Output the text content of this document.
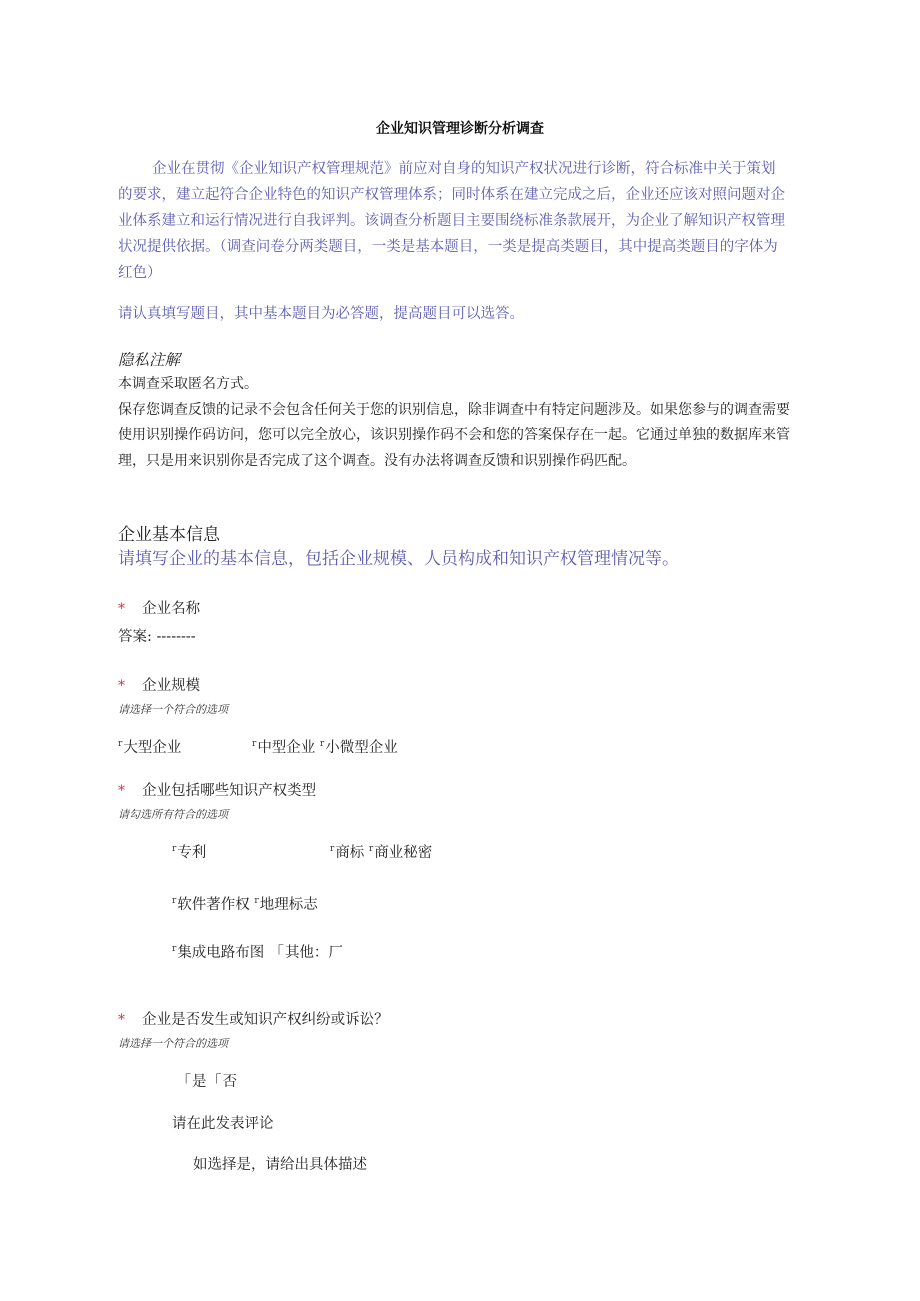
企业知识管理诊断分析调查
企业在贯彻《企业知识产权管理规范》前应对自身的知识产权状况进行诊断，符合标准中关于策划的要求，建立起符合企业特色的知识产权管理体系；同时体系在建立完成之后，企业还应该对照问题对企业体系建立和运行情况进行自我评判。该调查分析题目主要围绕标准条款展开，为企业了解知识产权管理状况提供依据。（调查问卷分两类题目，一类是基本题目，一类是提高类题目，其中提高类题目的字体为红色）
请认真填写题目，其中基本题目为必答题，提高题目可以选答。
隐私注解
本调查采取匿名方式。
保存您调查反馈的记录不会包含任何关于您的识别信息，除非调查中有特定问题涉及。如果您参与的调查需要使用识别操作码访问，您可以完全放心，该识别操作码不会和您的答案保存在一起。它通过单独的数据库来管理，只是用来识别你是否完成了这个调查。没有办法将调查反馈和识别操作码匹配。
企业基本信息
请填写企业的基本信息，包括企业规模、人员构成和知识产权管理情况等。
* 企业名称
答案: --------
* 企业规模
请选择一个符合的选项
$^r$大型企业	$^r$中型企业 $^r$小微型企业
* 企业包括哪些知识产权类型
请勾选所有符合的选项
$^r$专利	$^r$商标 $^r$商业秘密
$^r$软件著作权 $^r$地理标志
$^r$集成电路布图 「其他：厂
* 企业是否发生或知识产权纠纷或诉讼？
请选择一个符合的选项
「是「否
请在此发表评论
如选择是，请给出具体描述
